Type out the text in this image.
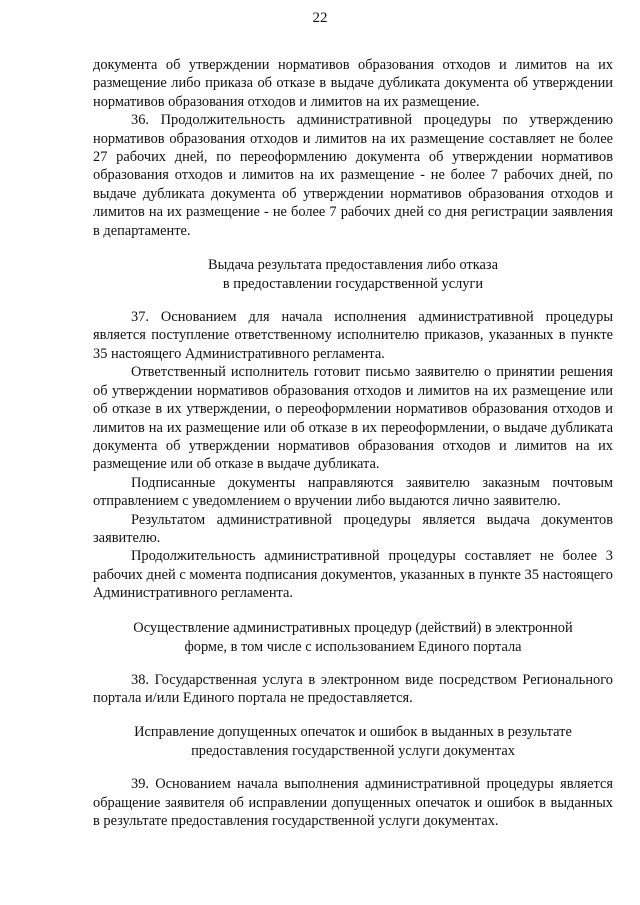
22

документа об утверждении нормативов образования отходов и лимитов на их размещение либо приказа об отказе в выдаче дубликата документа об утверждении нормативов образования отходов и лимитов на их размещение.

36. Продолжительность административной процедуры по утверждению нормативов образования отходов и лимитов на их размещение составляет не более 27 рабочих дней, по переоформлению документа об утверждении нормативов образования отходов и лимитов на их размещение - не более 7 рабочих дней, по выдаче дубликата документа об утверждении нормативов образования отходов и лимитов на их размещение - не более 7 рабочих дней со дня регистрации заявления в департаменте.

Выдача результата предоставления либо отказа
в предоставлении государственной услуги

37. Основанием для начала исполнения административной процедуры является поступление ответственному исполнителю приказов, указанных в пункте 35 настоящего Административного регламента.

Ответственный исполнитель готовит письмо заявителю о принятии решения об утверждении нормативов образования отходов и лимитов на их размещение или об отказе в их утверждении, о переоформлении нормативов образования отходов и лимитов на их размещение или об отказе в их переоформлении, о выдаче дубликата документа об утверждении нормативов образования отходов и лимитов на их размещение или об отказе в выдаче дубликата.

Подписанные документы направляются заявителю заказным почтовым отправлением с уведомлением о вручении либо выдаются лично заявителю.

Результатом административной процедуры является выдача документов заявителю.

Продолжительность административной процедуры составляет не более 3 рабочих дней с момента подписания документов, указанных в пункте 35 настоящего Административного регламента.

Осуществление административных процедур (действий) в электронной
форме, в том числе с использованием Единого портала

38. Государственная услуга в электронном виде посредством Регионального портала и/или Единого портала не предоставляется.

Исправление допущенных опечаток и ошибок в выданных в результате
предоставления государственной услуги документах

39. Основанием начала выполнения административной процедуры является обращение заявителя об исправлении допущенных опечаток и ошибок в выданных в результате предоставления государственной услуги документах.
